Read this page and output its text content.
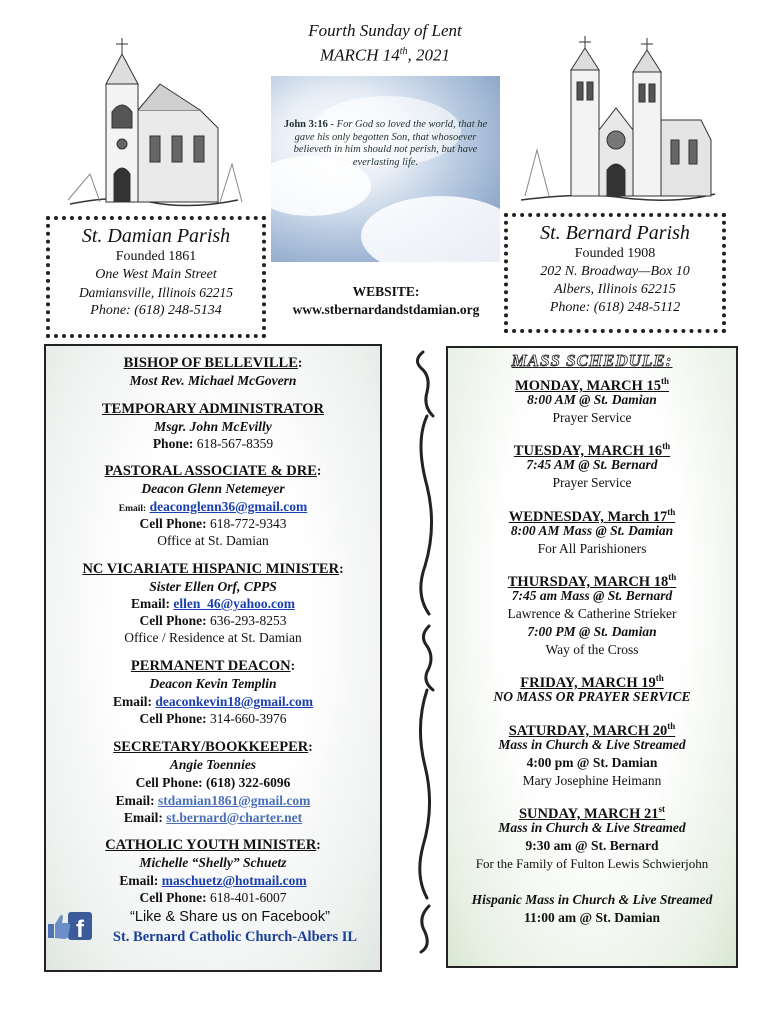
Fourth Sunday of Lent
MARCH 14th, 2021
John 3:16 - For God so loved the world, that he gave his only begotten Son, that whosoever believeth in him should not perish, but have everlasting life.
St. Damian Parish
Founded 1861
One West Main Street
Damiansville, Illinois 62215
Phone: (618) 248-5134
St. Bernard Parish
Founded 1908
202 N. Broadway—Box 10
Albers, Illinois 62215
Phone: (618) 248-5112
WEBSITE:
www.stbernardandstdamian.org
BISHOP OF BELLEVILLE:
Most Rev. Michael McGovern
TEMPORARY ADMINISTRATOR
Msgr. John McEvilly
Phone: 618-567-8359
PASTORAL ASSOCIATE & DRE:
Deacon Glenn Netemeyer
Email: deaconglenn36@gmail.com
Cell Phone: 618-772-9343
Office at St. Damian
NC VICARIATE HISPANIC MINISTER:
Sister Ellen Orf, CPPS
Email: ellen_46@yahoo.com
Cell Phone: 636-293-8253
Office / Residence at St. Damian
PERMANENT DEACON:
Deacon Kevin Templin
Email: deaconkevin18@gmail.com
Cell Phone: 314-660-3976
SECRETARY/BOOKKEEPER:
Angie Toennies
Cell Phone: (618) 322-6096
Email: stdamian1861@gmail.com
Email: st.bernard@charter.net
CATHOLIC YOUTH MINISTER:
Michelle “Shelly” Schuetz
Email: maschuetz@hotmail.com
Cell Phone: 618-401-6007
f	“Like & Share us on Facebook”
St. Bernard Catholic Church-Albers IL
MASS SCHEDULE:
MONDAY, MARCH 15th
8:00 AM @ St. Damian
Prayer Service
TUESDAY, MARCH 16th
7:45 AM @ St. Bernard
Prayer Service
WEDNESDAY, March 17th
8:00 AM Mass @ St. Damian
For All Parishioners
THURSDAY, MARCH 18th
7:45 am Mass @ St. Bernard
Lawrence & Catherine Strieker
7:00 PM @ St. Damian
Way of the Cross
FRIDAY, MARCH 19th
NO MASS OR PRAYER SERVICE
SATURDAY, MARCH 20th
Mass in Church & Live Streamed
4:00 pm @ St. Damian
Mary Josephine Heimann
SUNDAY, MARCH 21st
Mass in Church & Live Streamed
9:30 am @ St. Bernard
For the Family of Fulton Lewis Schwierjohn
Hispanic Mass in Church & Live Streamed
11:00 am @ St. Damian
